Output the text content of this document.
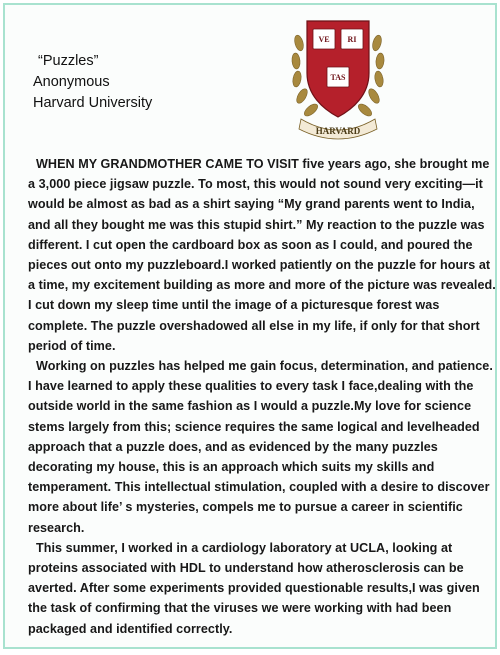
“Puzzles”
Anonymous
Harvard University
VE RI
TAS
HARVARD

WHEN MY GRANDMOTHER CAME TO VISIT five years ago, she brought me a 3,000 piece jigsaw puzzle. To most, this would not sound very exciting—it would be almost as bad as a shirt saying “My grand parents went to India, and all they bought me was this stupid shirt.” My reaction to the puzzle was different. I cut open the cardboard box as soon as I could, and poured the pieces out onto my puzzleboard.I worked patiently on the puzzle for hours at a time, my excitement building as more and more of the picture was revealed. I cut down my sleep time until the image of a picturesque forest was complete. The puzzle overshadowed all else in my life, if only for that short period of time.

Working on puzzles has helped me gain focus, determination, and patience. I have learned to apply these qualities to every task I face,dealing with the outside world in the same fashion as I would a puzzle.My love for science stems largely from this; science requires the same logical and levelheaded approach that a puzzle does, and as evidenced by the many puzzles decorating my house, this is an approach which suits my skills and temperament. This intellectual stimulation, coupled with a desire to discover more about life’ s mysteries, compels me to pursue a career in scientific research.

This summer, I worked in a cardiology laboratory at UCLA, looking at proteins associated with HDL to understand how atherosclerosis can be averted. After some experiments provided questionable results,I was given the task of confirming that the viruses we were working with had been packaged and identified correctly.
